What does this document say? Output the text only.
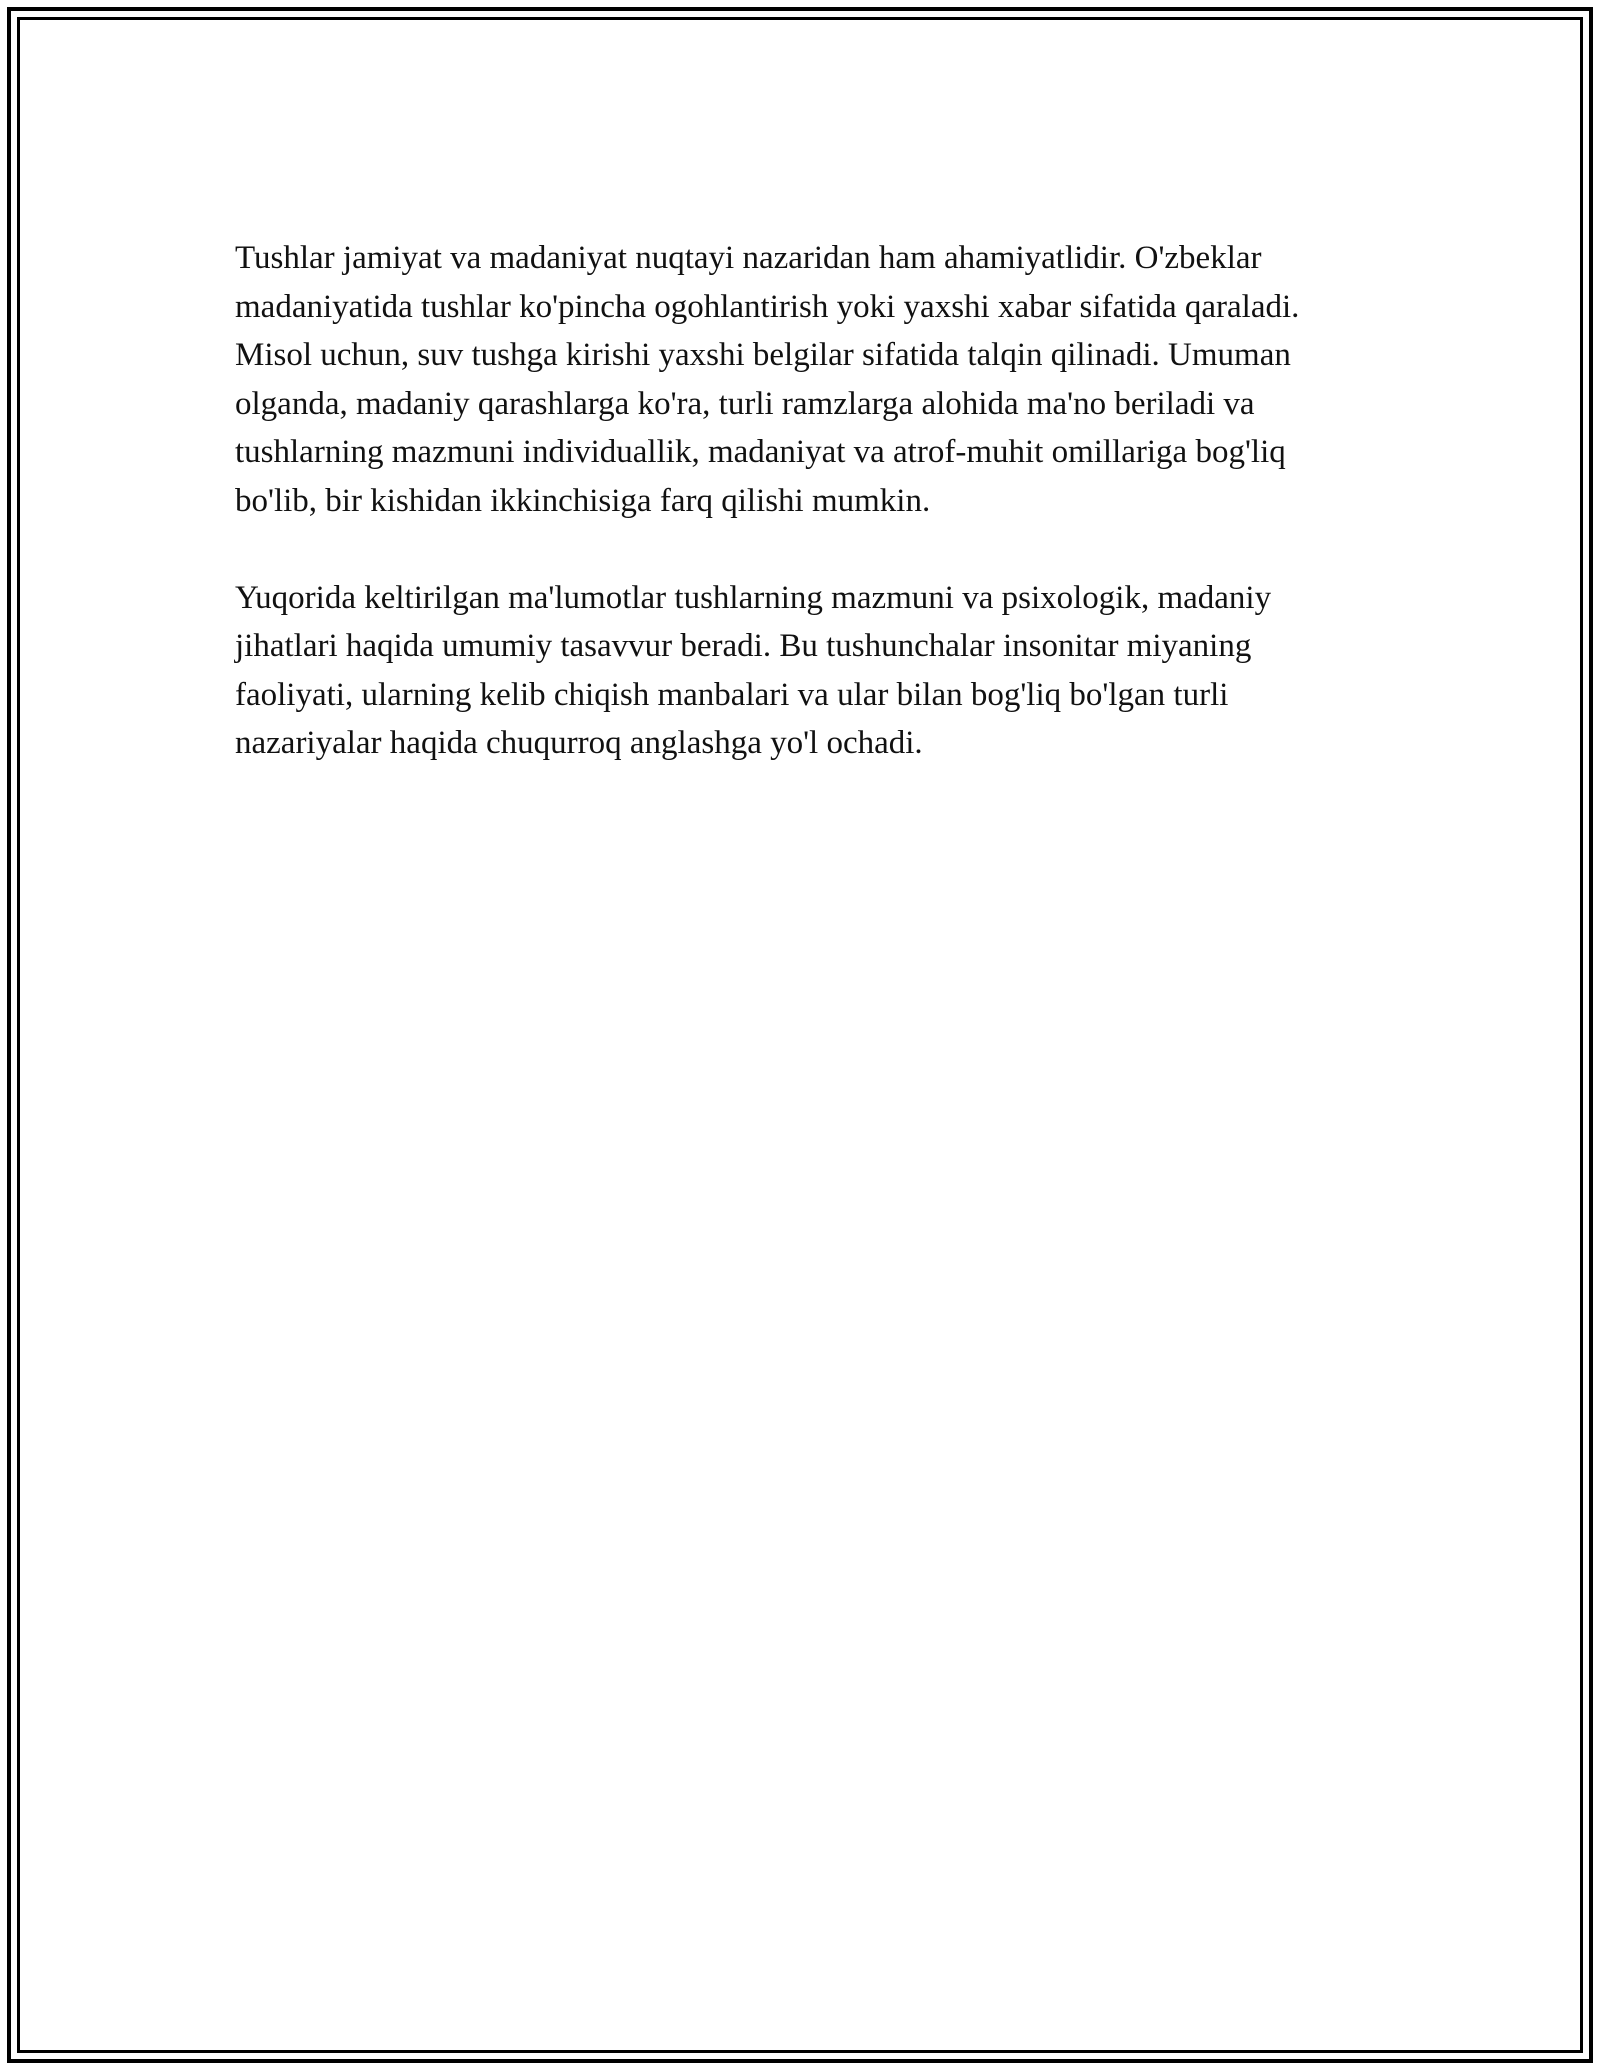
Tushlar jamiyat va madaniyat nuqtayi nazaridan ham ahamiyatlidir. O'zbeklar madaniyatida tushlar ko'pincha ogohlantirish yoki yaxshi xabar sifatida qaraladi. Misol uchun, suv tushga kirishi yaxshi belgilar sifatida talqin qilinadi. Umuman olganda, madaniy qarashlarga ko'ra, turli ramzlarga alohida ma'no beriladi va tushlarning mazmuni individuallik, madaniyat va atrof-muhit omillariga bog'liq bo'lib, bir kishidan ikkinchisiga farq qilishi mumkin.

Yuqorida keltirilgan ma'lumotlar tushlarning mazmuni va psixologik, madaniy jihatlari haqida umumiy tasavvur beradi. Bu tushunchalar insonitar miyaning faoliyati, ularning kelib chiqish manbalari va ular bilan bog'liq bo'lgan turli nazariyalar haqida chuqurroq anglashga yo'l ochadi.
